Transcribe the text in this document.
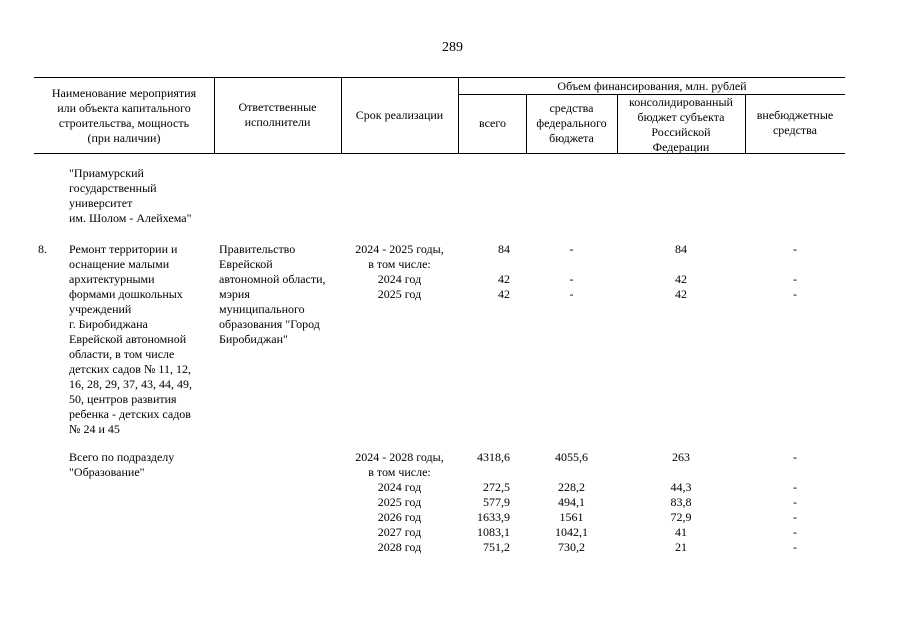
289
Наименование мероприятия
или объекта капитального
строительства, мощность
(при наличии)
Ответственные
исполнители	Срок реализации
Объем финансирования, млн. рублей
всего
средства
федерального
бюджета
консолидированный
бюджет субъекта
Российской
Федерации
внебюджетные
средства
"Приамурский
государственный
университет
им. Шолом - Алейхема"
8. Ремонт территории и
оснащение малыми
архитектурными
формами дошкольных
учреждений
г. Биробиджана
Еврейской автономной
области, в том числе
детских садов № 11, 12,
16, 28, 29, 37, 43, 44, 49,
50, центров развития
ребенка - детских садов
№ 24 и 45
Правительство
Еврейской
автономной области,
мэрия
муниципального
образования "Город
Биробиджан"
2024 - 2025 годы,
в том числе:
2024 год
2025 год
84

42
42
-

-
-
84

42
42
-

-
-
Всего по подразделу
"Образование"
2024 - 2028 годы,
в том числе:
2024 год
2025 год
2026 год
2027 год
2028 год
4318,6

272,5
577,9
1633,9
1083,1
751,2
4055,6

228,2
494,1
1561
1042,1
730,2
263

44,3
83,8
72,9
41
21
-

-
-
-
-
-
